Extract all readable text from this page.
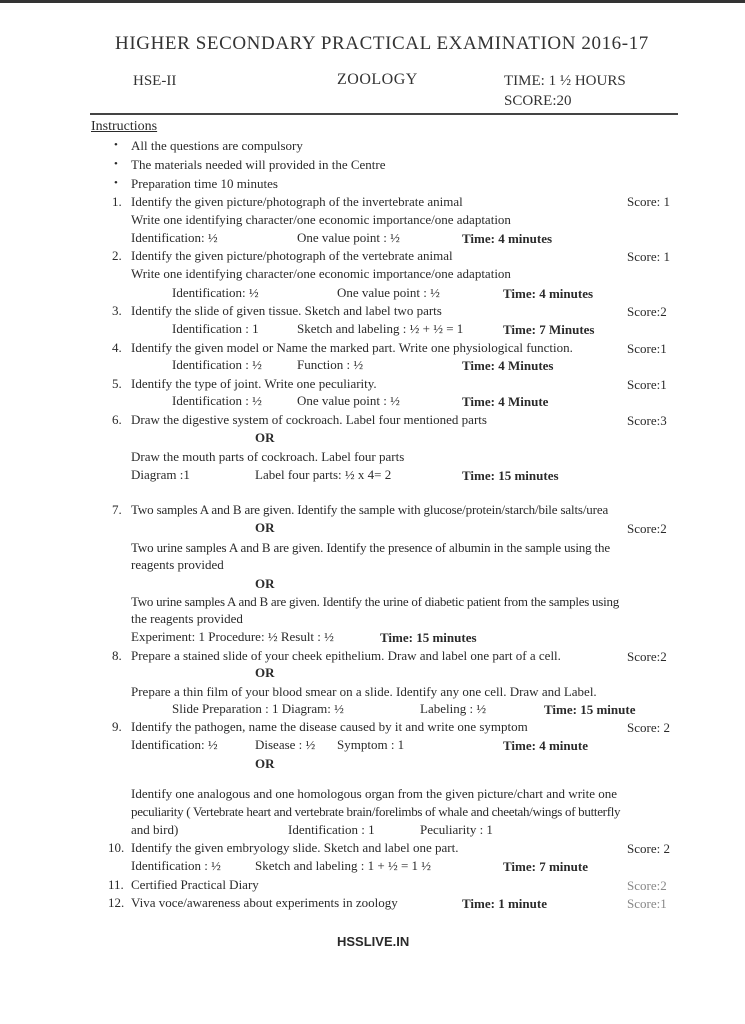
HIGHER SECONDARY PRACTICAL EXAMINATION 2016-17
HSE-II	ZOOLOGY	TIME: 1 ½ HOURS
SCORE:20
Instructions
• All the questions are compulsory
• The materials needed will provided in the Centre
• Preparation time 10 minutes
1. Identify the given picture/photograph of the invertebrate animal	Score: 1
Write one identifying character/one economic importance/one adaptation
Identification: ½	One value point : ½	Time: 4 minutes
2. Identify the given picture/photograph of the vertebrate animal	Score: 1
Write one identifying character/one economic importance/one adaptation
Identification: ½	One value point : ½	Time: 4 minutes
3. Identify the slide of given tissue. Sketch and label two parts	Score:2
Identification : 1	Sketch and labeling : ½ + ½ = 1	Time: 7 Minutes
4. Identify the given model or Name the marked part. Write one physiological function.	Score:1
Identification : ½	Function : ½	Time: 4 Minutes
5. Identify the type of joint. Write one peculiarity.	Score:1
Identification : ½	One value point : ½	Time: 4 Minute
6. Draw the digestive system of cockroach. Label four mentioned parts	Score:3
OR
Draw the mouth parts of cockroach. Label four parts
Diagram :1	Label four parts: ½ x 4= 2	Time: 15 minutes
7. Two samples A and B are given. Identify the sample with glucose/protein/starch/bile salts/urea
OR	Score:2
Two urine samples A and B are given. Identify the presence of albumin in the sample using the
reagents provided
OR
Two urine samples A and B are given. Identify the urine of diabetic patient from the samples using
the reagents provided
Experiment: 1 Procedure: ½ Result : ½	Time: 15 minutes
8. Prepare a stained slide of your cheek epithelium. Draw and label one part of a cell.	Score:2
OR
Prepare a thin film of your blood smear on a slide. Identify any one cell. Draw and Label.
Slide Preparation : 1 Diagram: ½	Labeling : ½	Time: 15 minute
9. Identify the pathogen, name the disease caused by it and write one symptom	Score: 2
Identification: ½	Disease : ½ Symptom : 1	Time: 4 minute
OR
Identify one analogous and one homologous organ from the given picture/chart and write one
peculiarity ( Vertebrate heart and vertebrate brain/forelimbs of whale and cheetah/wings of butterfly
and bird)	Identification : 1	Peculiarity : 1
10. Identify the given embryology slide. Sketch and label one part.	Score: 2
Identification : ½	Sketch and labeling : 1 + ½ = 1 ½	Time: 7 minute
11. Certified Practical Diary	Score:2
12. Viva voce/awareness about experiments in zoology	Time: 1 minute	Score:1
HSSLIVE.IN
